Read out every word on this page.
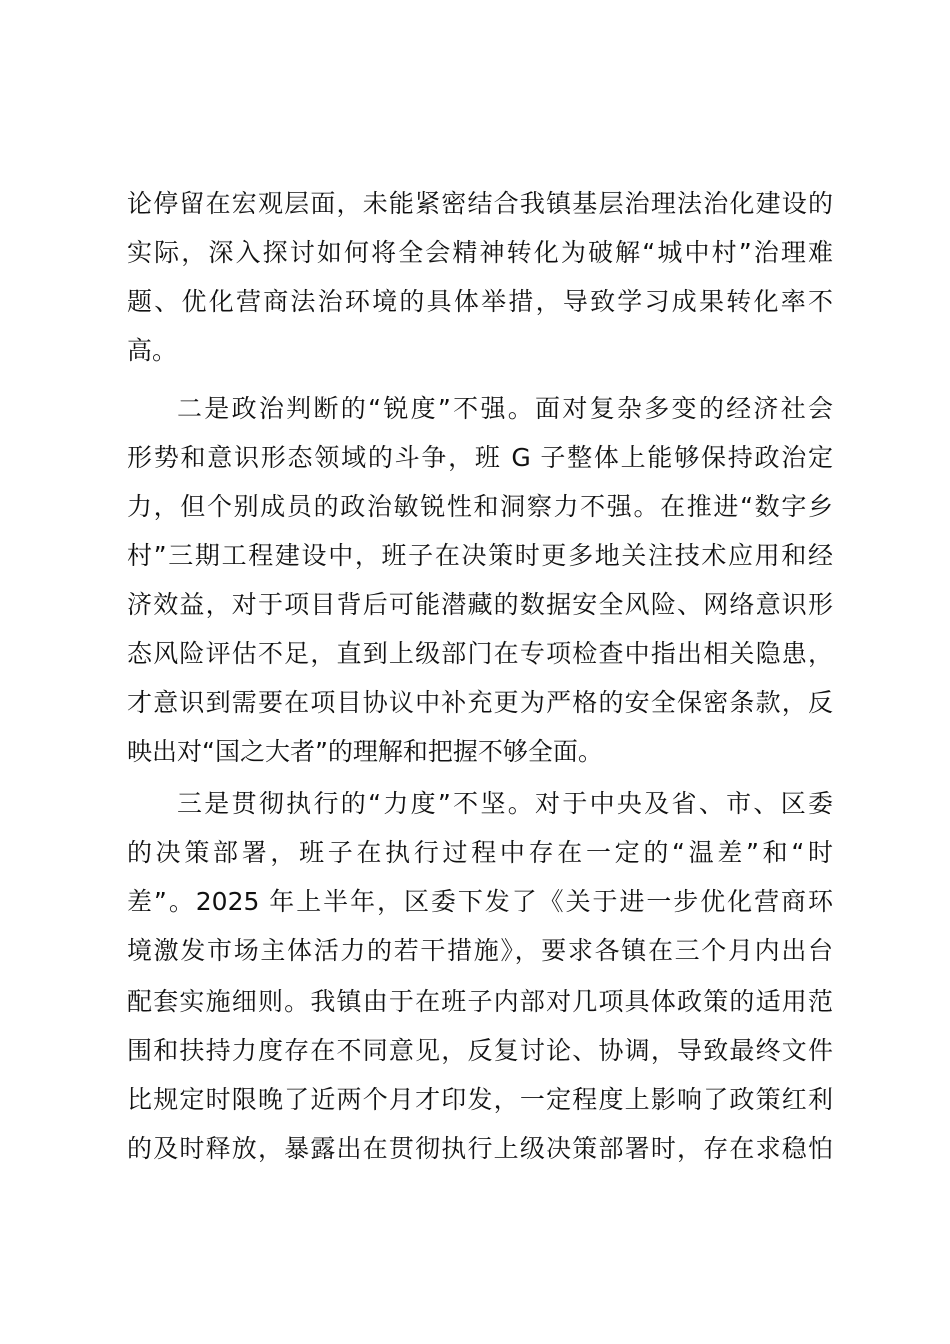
论停留在宏观层面，未能紧密结合我镇基层治理法治化建设的
实际，深入探讨如何将全会精神转化为破解“城中村”治理难
题、优化营商法治环境的具体举措，导致学习成果转化率不
高。
二是政治判断的“锐度”不强。面对复杂多变的经济社会
形势和意识形态领域的斗争，班 G 子整体上能够保持政治定
力，但个别成员的政治敏锐性和洞察力不强。在推进“数字乡
村”三期工程建设中，班子在决策时更多地关注技术应用和经
济效益，对于项目背后可能潜藏的数据安全风险、网络意识形
态风险评估不足，直到上级部门在专项检查中指出相关隐患，
才意识到需要在项目协议中补充更为严格的安全保密条款，反
映出对“国之大者”的理解和把握不够全面。
三是贯彻执行的“力度”不坚。对于中央及省、市、区委
的决策部署，班子在执行过程中存在一定的“温差”和“时
差”。2025 年上半年，区委下发了《关于进一步优化营商环
境激发市场主体活力的若干措施》，要求各镇在三个月内出台
配套实施细则。我镇由于在班子内部对几项具体政策的适用范
围和扶持力度存在不同意见，反复讨论、协调，导致最终文件
比规定时限晚了近两个月才印发，一定程度上影响了政策红利
的及时释放，暴露出在贯彻执行上级决策部署时，存在求稳怕
